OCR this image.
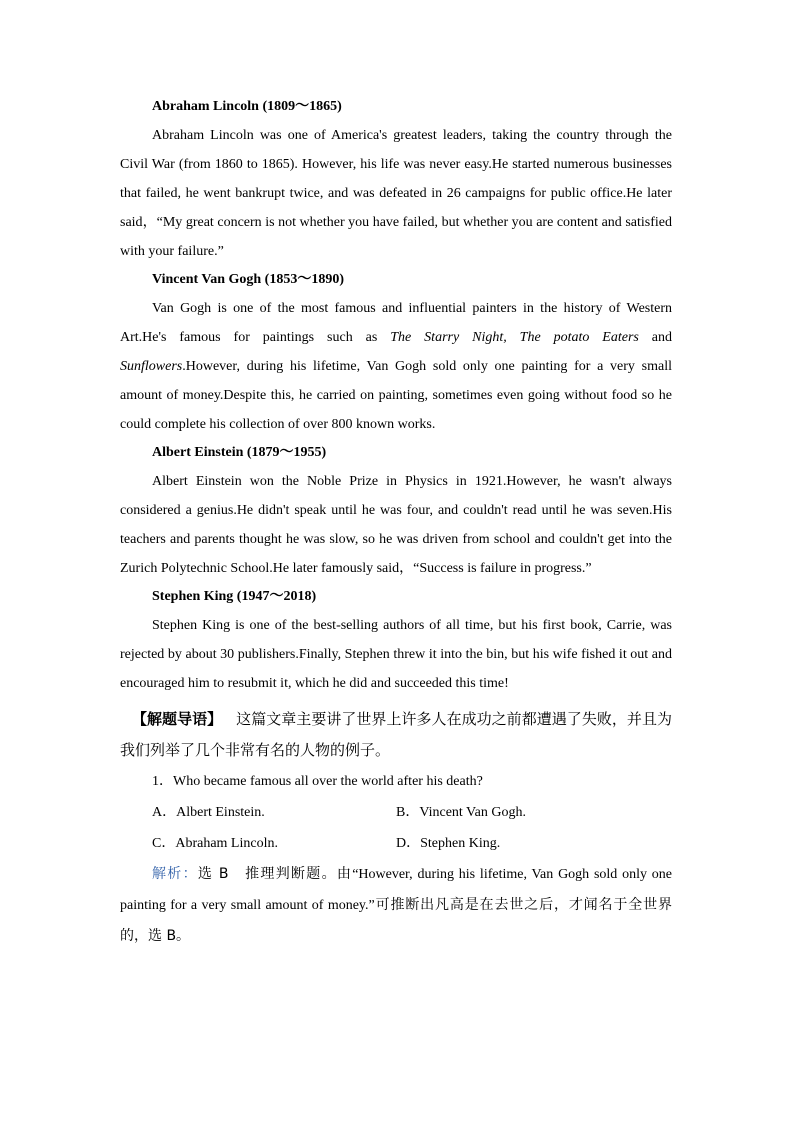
Abraham Lincoln (1809～1865)

Abraham Lincoln was one of America's greatest leaders, taking the country through the Civil War (from 1860 to 1865). However, his life was never easy.He started numerous businesses that failed, he went bankrupt twice, and was defeated in 26 campaigns for public office.He later said，“My great concern is not whether you have failed, but whether you are content and satisfied with your failure.”

Vincent Van Gogh (1853～1890)

Van Gogh is one of the most famous and influential painters in the history of Western Art.He's famous for paintings such as The Starry Night, The potato Eaters and Sunflowers.However, during his lifetime, Van Gogh sold only one painting for a very small amount of money.Despite this, he carried on painting, sometimes even going without food so he could complete his collection of over 800 known works.

Albert Einstein (1879～1955)

Albert Einstein won the Noble Prize in Physics in 1921.However, he wasn't always considered a genius.He didn't speak until he was four, and couldn't read until he was seven.His teachers and parents thought he was slow, so he was driven from school and couldn't get into the Zurich Polytechnic School.He later famously said，“Success is failure in progress.”

Stephen King (1947～2018)

Stephen King is one of the best-selling authors of all time, but his first book, Carrie, was rejected by about 30 publishers.Finally, Stephen threw it into the bin, but his wife fished it out and encouraged him to resubmit it, which he did and succeeded this time!

【解题导语】 这篇文章主要讲了世界上许多人在成功之前都遭遇了失败，并且为我们列举了几个非常有名的人物的例子。

1．Who became famous all over the world after his death?

A．Albert Einstein.	B．Vincent Van Gogh.
C．Abraham Lincoln.	D．Stephen King.

解析：选 B　推理判断题。由“However, during his lifetime, Van Gogh sold only one painting for a very small amount of money.”可推断出凡高是在去世之后，才闻名于全世界的，选 B。
